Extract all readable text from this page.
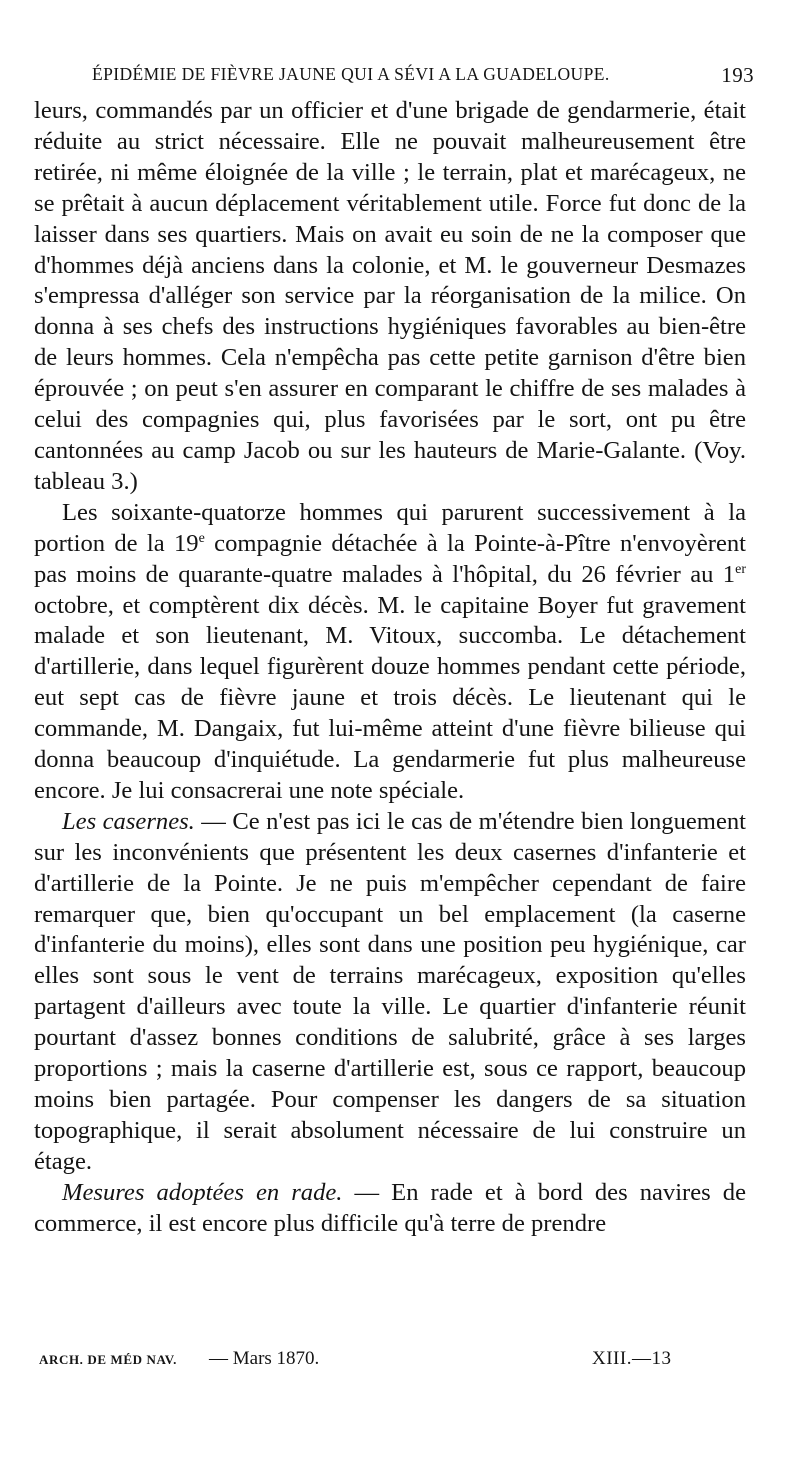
ÉPIDÉMIE DE FIÈVRE JAUNE QUI A SÉVI A LA GUADELOUPE.	193

leurs, commandés par un officier et d'une brigade de gendarmerie, était réduite au strict nécessaire. Elle ne pouvait malheureusement être retirée, ni même éloignée de la ville ; le terrain, plat et marécageux, ne se prêtait à aucun déplacement véritablement utile. Force fut donc de la laisser dans ses quartiers. Mais on avait eu soin de ne la composer que d'hommes déjà anciens dans la colonie, et M. le gouverneur Desmazes s'empressa d'alléger son service par la réorganisation de la milice. On donna à ses chefs des instructions hygiéniques favorables au bien-être de leurs hommes. Cela n'empêcha pas cette petite garnison d'être bien éprouvée ; on peut s'en assurer en comparant le chiffre de ses malades à celui des compagnies qui, plus favorisées par le sort, ont pu être cantonnées au camp Jacob ou sur les hauteurs de Marie-Galante. (Voy. tableau 3.)

Les soixante-quatorze hommes qui parurent successivement à la portion de la 19e compagnie détachée à la Pointe-à-Pître n'envoyèrent pas moins de quarante-quatre malades à l'hôpital, du 26 février au 1er octobre, et comptèrent dix décès. M. le capitaine Boyer fut gravement malade et son lieutenant, M. Vitoux, succomba. Le détachement d'artillerie, dans lequel figurèrent douze hommes pendant cette période, eut sept cas de fièvre jaune et trois décès. Le lieutenant qui le commande, M. Dangaix, fut lui-même atteint d'une fièvre bilieuse qui donna beaucoup d'inquiétude. La gendarmerie fut plus malheureuse encore. Je lui consacrerai une note spéciale.

Les casernes. — Ce n'est pas ici le cas de m'étendre bien longuement sur les inconvénients que présentent les deux casernes d'infanterie et d'artillerie de la Pointe. Je ne puis m'empêcher cependant de faire remarquer que, bien qu'occupant un bel emplacement (la caserne d'infanterie du moins), elles sont dans une position peu hygiénique, car elles sont sous le vent de terrains marécageux, exposition qu'elles partagent d'ailleurs avec toute la ville. Le quartier d'infanterie réunit pourtant d'assez bonnes conditions de salubrité, grâce à ses larges proportions ; mais la caserne d'artillerie est, sous ce rapport, beaucoup moins bien partagée. Pour compenser les dangers de sa situation topographique, il serait absolument nécessaire de lui construire un étage.

Mesures adoptées en rade. — En rade et à bord des navires de commerce, il est encore plus difficile qu'à terre de prendre

ARCH. DE MÉD NAV. — Mars 1870.	XIII.—13
